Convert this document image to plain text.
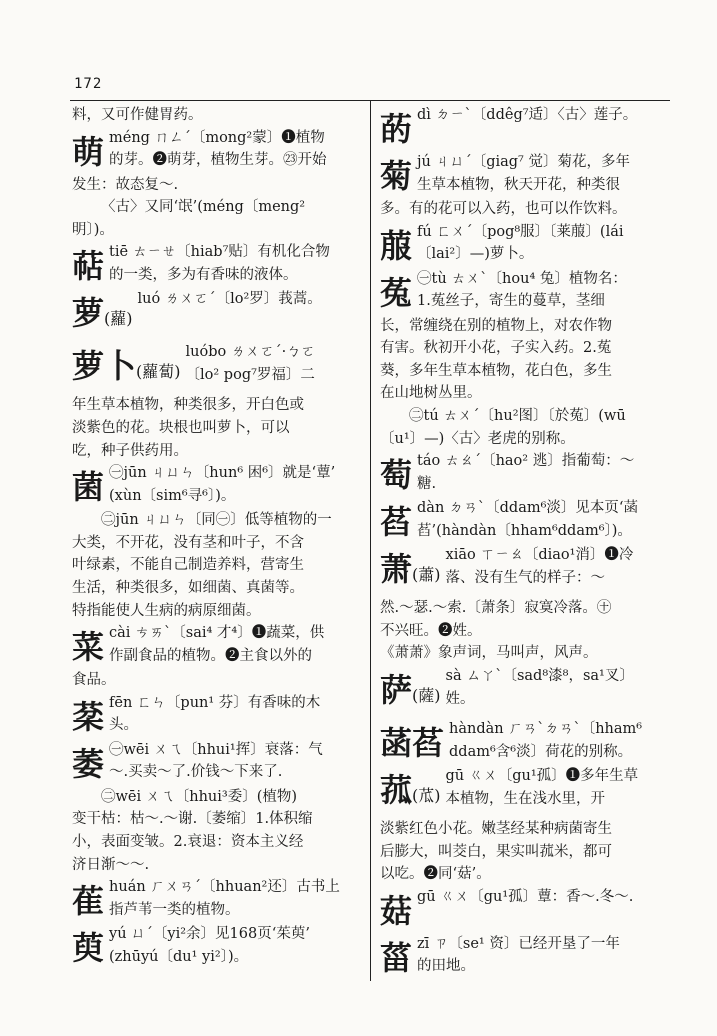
172

料，又可作健胃药。

萌 méng ㄇㄥˊ〔mong²蒙〕❶植物

的芽。❷萌芽，植物生芽。㉓开始

发生：故态复～.

〈古〉又同‘氓’(méng〔meng²

明〕)。

萜 tiē ㄊㄧㄝ〔hiab⁷贴〕有机化合物

的一类，多为有香味的液体。

萝(蘿)

luó ㄌㄨㄛˊ〔lo²罗〕莪蒿。

萝卜(蘿蔔)

luóbo ㄌㄨㄛˊ·ㄅㄛ

〔lo² pog⁷罗福〕二

年生草本植物，种类很多，开白色或

淡紫色的花。块根也叫萝卜，可以

吃，种子供药用。

菌 ㊀jūn ㄐㄩㄣ〔hun⁶ 困⁶〕就是‘蕈’

(xùn〔sim⁶寻⁶〕)。

㊁jūn ㄐㄩㄣ〔同㊀〕低等植物的一

大类，不开花，没有茎和叶子，不含

叶绿素，不能自己制造养料，营寄生

生活，种类很多，如细菌、真菌等。

特指能使人生病的病原细菌。

菜 cài ㄘㄞˋ〔sai⁴ 才⁴〕❶蔬菜，供

作副食品的植物。❷主食以外的

食品。

棻 fēn ㄈㄣ〔pun¹ 芬〕有香味的木

头。

萎 ㊀wēi ㄨㄟ〔hhui¹挥〕衰落：气

～.买卖～了.价钱～下来了.

㊁wēi ㄨㄟ〔hhui³委〕(植物)

变干枯：枯～.～谢.〔萎缩〕1.体积缩

小，表面变皱。2.衰退：资本主义经

济日渐～～.

萑 huán ㄏㄨㄢˊ〔hhuan²还〕古书上

指芦苇一类的植物。

萸 yú ㄩˊ〔yi²余〕见168页‘茱萸’

(zhūyú〔du¹ yi²〕)。

菂 dì ㄉㄧˋ〔ddêg⁷适〕〈古〉莲子。

菊 jú ㄐㄩˊ〔giag⁷ 觉〕菊花，多年

生草本植物，秋天开花，种类很

多。有的花可以入药，也可以作饮料。

菔 fú ㄈㄨˊ〔pog⁸服〕〔莱菔〕(lái

〔lai²〕—)萝卜。

菟 ㊀tù ㄊㄨˋ〔hou⁴ 兔〕植物名：

1.菟丝子，寄生的蔓草，茎细

长，常缠绕在别的植物上，对农作物

有害。秋初开小花，子实入药。2.菟

葵，多年生草本植物，花白色，多生

在山地树丛里。

㊁tú ㄊㄨˊ〔hu²图〕〔於菟〕(wū

〔u¹〕—)〈古〉老虎的别称。

萄 táo ㄊㄠˊ〔hao² 逃〕指葡萄：～

糖.

萏 dàn ㄉㄢˋ〔ddam⁶淡〕见本页‘菡

萏’(hàndàn〔hham⁶ddam⁶〕)。

萧(蕭)

xiāo ㄒㄧㄠ〔diao¹消〕❶冷

落、没有生气的样子：～

然.～瑟.～索.〔萧条〕寂寞冷落。㊉

不兴旺。❷姓。

《萧萧》象声词，马叫声，风声。

萨(薩)

sà ㄙㄚˋ〔sad⁸漆⁸，sa¹叉〕

姓。

菡萏 hàndàn ㄏㄢˋㄉㄢˋ〔hham⁶

ddam⁶含⁶淡〕荷花的别称。

菰(苽)

gū ㄍㄨ〔gu¹孤〕❶多年生草

本植物，生在浅水里，开

淡紫红色小花。嫩茎经某种病菌寄生

后膨大，叫茭白，果实叫菰米，都可

以吃。❷同‘菇’。

菇 gū ㄍㄨ〔gu¹孤〕蕈：香～.冬～.

菑 zī ㄗ〔se¹ 资〕已经开垦了一年

的田地。
